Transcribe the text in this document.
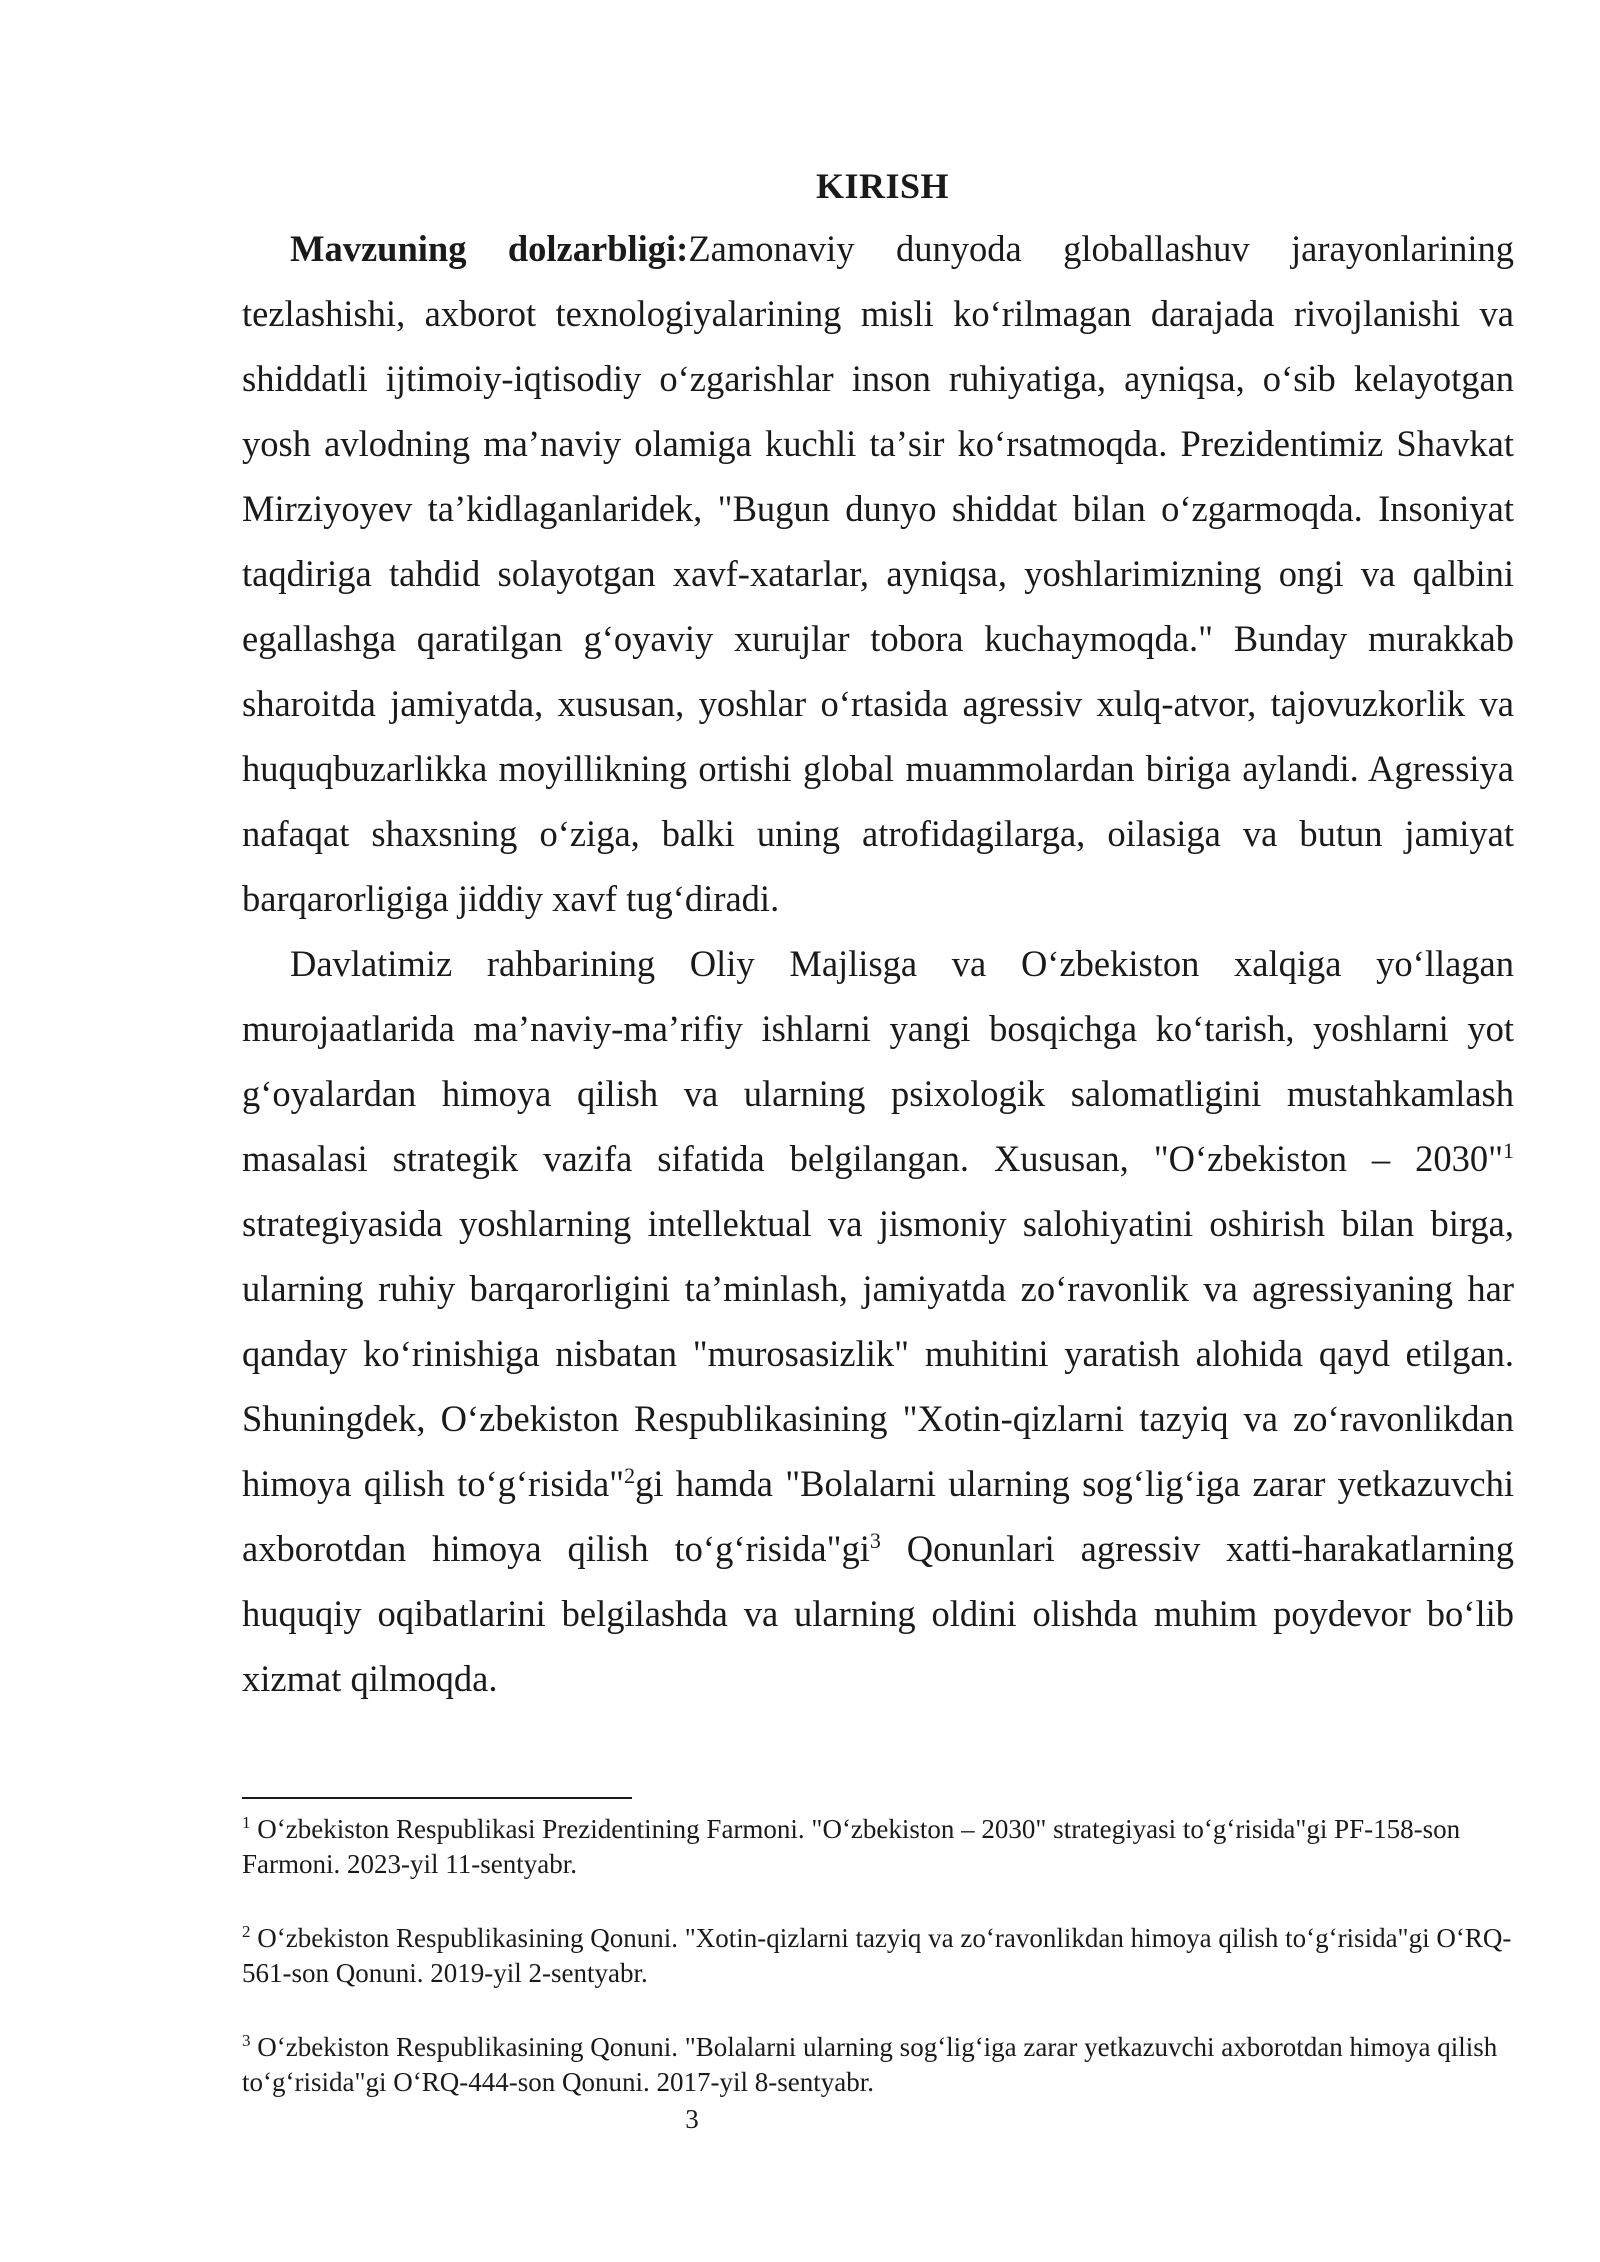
KIRISH

Mavzuning dolzarbligi:Zamonaviy dunyoda globallashuv jarayonlarining tezlashishi, axborot texnologiyalarining misli koʻrilmagan darajada rivojlanishi va shiddatli ijtimoiy-iqtisodiy oʻzgarishlar inson ruhiyatiga, ayniqsa, oʻsib kelayotgan yosh avlodning maʼnaviy olamiga kuchli taʼsir koʻrsatmoqda. Prezidentimiz Shavkat Mirziyoyev taʼkidlaganlaridek, "Bugun dunyo shiddat bilan oʻzgarmoqda. Insoniyat taqdiriga tahdid solayotgan xavf-xatarlar, ayniqsa, yoshlarimizning ongi va qalbini egallashga qaratilgan gʻoyaviy xurujlar tobora kuchaymoqda." Bunday murakkab sharoitda jamiyatda, xususan, yoshlar oʻrtasida agressiv xulq-atvor, tajovuzkorlik va huquqbuzarlikka moyillikning ortishi global muammolardan biriga aylandi. Agressiya nafaqat shaxsning oʻziga, balki uning atrofidagilarga, oilasiga va butun jamiyat barqarorligiga jiddiy xavf tugʻdiradi.

Davlatimiz rahbarining Oliy Majlisga va Oʻzbekiston xalqiga yoʻllagan murojaatlarida maʼnaviy-maʼrifiy ishlarni yangi bosqichga koʻtarish, yoshlarni yot gʻoyalardan himoya qilish va ularning psixologik salomatligini mustahkamlash masalasi strategik vazifa sifatida belgilangan. Xususan, "Oʻzbekiston – 2030"$^1$ strategiyasida yoshlarning intellektual va jismoniy salohiyatini oshirish bilan birga, ularning ruhiy barqarorligini taʼminlash, jamiyatda zoʻravonlik va agressiyaning har qanday koʻrinishiga nisbatan "murosasizlik" muhitini yaratish alohida qayd etilgan. Shuningdek, Oʻzbekiston Respublikasining "Xotin-qizlarni tazyiq va zoʻravonlikdan himoya qilish toʻgʻrisida"$^2$gi hamda "Bolalarni ularning sogʻligʻiga zarar yetkazuvchi axborotdan himoya qilish $toʻgʻrisida"gi^3$ Qonunlari agressiv xatti-harakatlarning huquqiy oqibatlarini belgilashda va ularning oldini olishda muhim poydevor boʻlib xizmat qilmoqda.

$^1$ Oʻzbekiston Respublikasi Prezidentining Farmoni. "Oʻzbekiston – 2030" strategiyasi toʻgʻrisida"gi PF-158-son Farmoni. 2023-yil 11-sentyabr.

$^2$ Oʻzbekiston Respublikasining Qonuni. "Xotin-qizlarni tazyiq va zoʻravonlikdan himoya qilish toʻgʻrisida"gi OʻRQ-561-son Qonuni. 2019-yil 2-sentyabr.

$^3$ Oʻzbekiston Respublikasining Qonuni. "Bolalarni ularning sogʻligʻiga zarar yetkazuvchi axborotdan himoya qilish toʻgʻrisida"gi OʻRQ-444-son Qonuni. 2017-yil 8-sentyabr.

3
